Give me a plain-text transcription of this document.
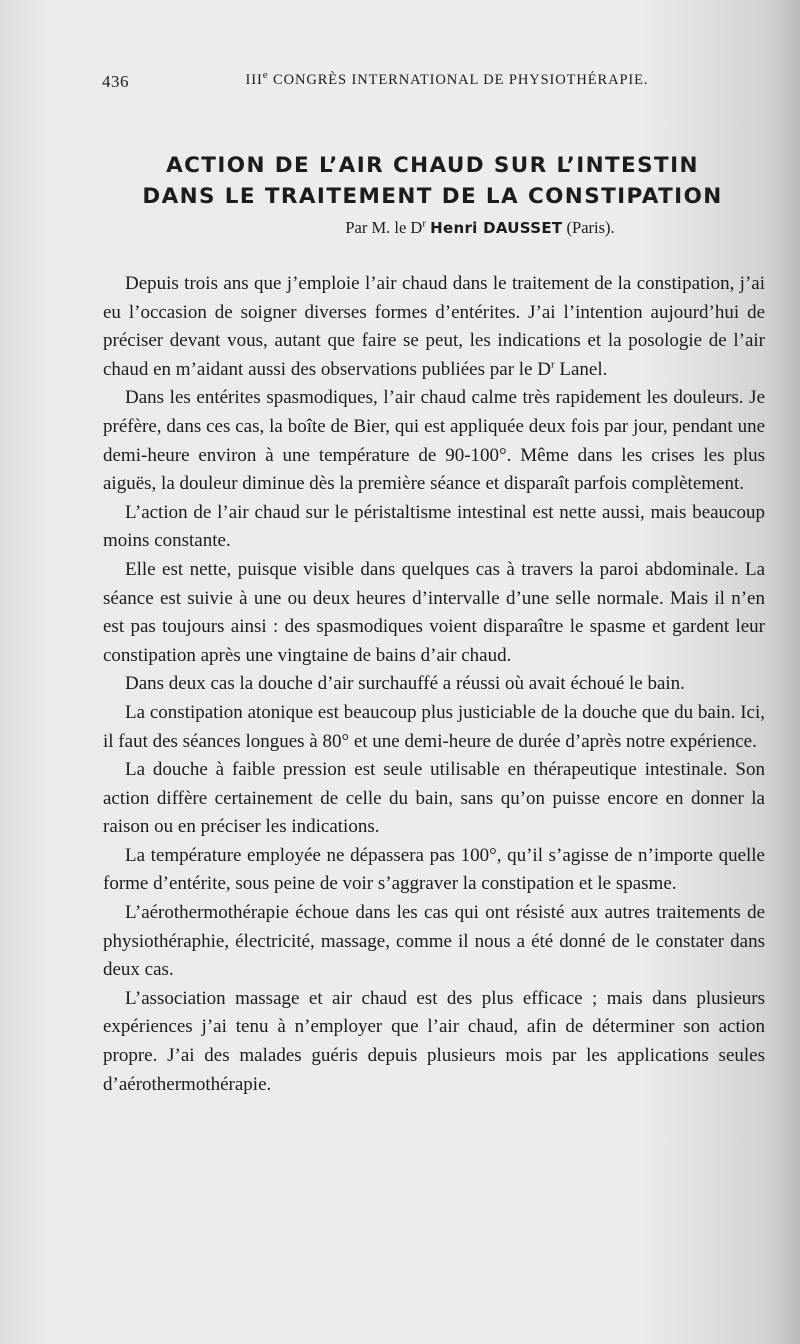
436	IIIe CONGRÈS INTERNATIONAL DE PHYSIOTHÉRAPIE.
ACTION DE L’AIR CHAUD SUR L’INTESTIN
DANS LE TRAITEMENT DE LA CONSTIPATION

Par M. le $D^r$ Henri DAUSSET (Paris).

Depuis trois ans que j’emploie l’air chaud dans le traitement de la constipation, j’ai eu l’occasion de soigner diverses formes d’entérites. J’ai l’intention aujourd’hui de préciser devant vous, autant que faire se peut, les indications et la posologie de l’air chaud en m’aidant aussi des observations publiées par le $D^r$ Lanel.

Dans les entérites spasmodiques, l’air chaud calme très rapidement les douleurs. Je préfère, dans ces cas, la boîte de Bier, qui est appliquée deux fois par jour, pendant une demi-heure environ à une température de 90-100°. Même dans les crises les plus aiguës, la douleur diminue dès la première séance et disparaît parfois complètement.

L’action de l’air chaud sur le péristaltisme intestinal est nette aussi, mais beaucoup moins constante.

Elle est nette, puisque visible dans quelques cas à travers la paroi abdominale. La séance est suivie à une ou deux heures d’intervalle d’une selle normale. Mais il n’en est pas toujours ainsi : des spasmodiques voient disparaître le spasme et gardent leur constipation après une vingtaine de bains d’air chaud.

Dans deux cas la douche d’air surchauffé a réussi où avait échoué le bain.

La constipation atonique est beaucoup plus justiciable de la douche que du bain. Ici, il faut des séances longues à 80° et une demi-heure de durée d’après notre expérience.

La douche à faible pression est seule utilisable en thérapeutique intestinale. Son action diffère certainement de celle du bain, sans qu’on puisse encore en donner la raison ou en préciser les indications.

La température employée ne dépassera pas 100°, qu’il s’agisse de n’importe quelle forme d’entérite, sous peine de voir s’aggraver la constipation et le spasme.

L’aérothermothérapie échoue dans les cas qui ont résisté aux autres traitements de physiothéraphie, électricité, massage, comme il nous a été donné de le constater dans deux cas.

L’association massage et air chaud est des plus efficace ; mais dans plusieurs expériences j’ai tenu à n’employer que l’air chaud, afin de déterminer son action propre. J’ai des malades guéris depuis plusieurs mois par les applications seules d’aérothermothérapie.
